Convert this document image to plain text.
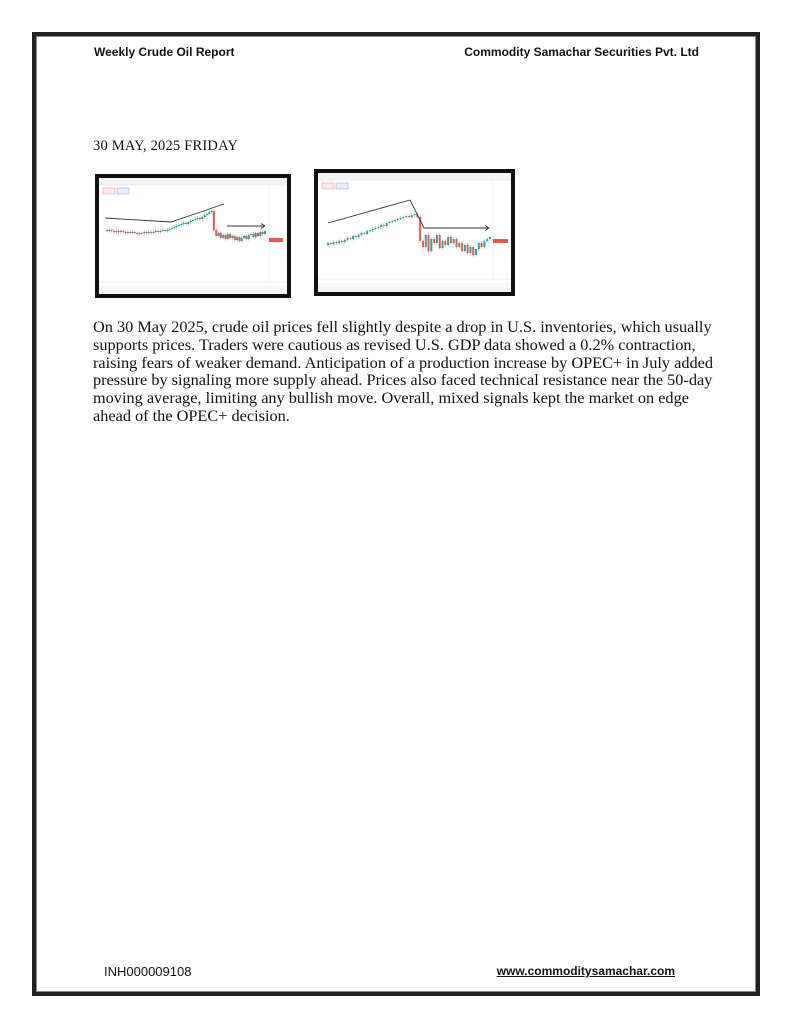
Weekly Crude Oil Report	Commodity Samachar Securities Pvt. Ltd
30 MAY, 2025 FRIDAY
On 30 May 2025, crude oil prices fell slightly despite a drop in U.S. inventories, which usually supports prices. Traders were cautious as revised U.S. GDP data showed a 0.2% contraction, raising fears of weaker demand. Anticipation of a production increase by OPEC+ in July added pressure by signaling more supply ahead. Prices also faced technical resistance near the 50-day moving average, limiting any bullish move. Overall, mixed signals kept the market on edge ahead of the OPEC+ decision.
INH000009108	www.commoditysamachar.com
